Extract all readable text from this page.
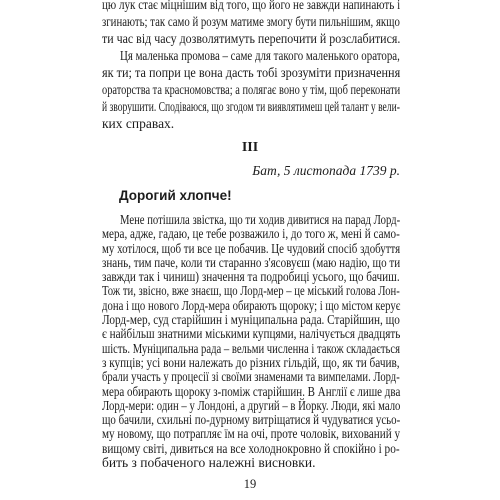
цю лук стає міцнішим від того, що його не завжди напинають і
згинають; так само й розум матиме змогу бути пильнішим, якщо
ти час від часу дозволятимуть перепочити й розслабитися.
Ця маленька промова – саме для такого маленького оратора,
як ти; та попри це вона дасть тобі зрозуміти призначення
ораторства та красномовства; а полягає воно у тім, щоб переконати
й зворушити. Сподіваюся, що згодом ти виявлятимеш цей талант у вели-
ких справах.
III
Бат, 5 листопада 1739 р.
Дорогий хлопче!
Мене потішила звістка, що ти ходив дивитися на парад Лорд-
мера, адже, гадаю, це тебе розважило і, до того ж, мені й само-
му хотілося, щоб ти все це побачив. Це чудовий спосіб здобуття
знань, тим паче, коли ти старанно з'ясовуєш (маю надію, що ти
завжди так і чиниш) значення та подробиці усього, що бачиш.
Тож ти, звісно, вже знаєш, що Лорд-мер – це міський голова Лон-
дона і що нового Лорд-мера обирають щороку; і що містом керує
Лорд-мер, суд старійшин і муніципальна рада. Старійшин, що
є найбільш знатними міськими купцями, налічується двадцять
шість. Муніципальна рада – вельми численна і також складається
з купців; усі вони належать до різних гільдій, що, як ти бачив,
брали участь у процесії зі своїми знаменами та вимпелами. Лорд-
мера обирають щороку з-поміж старійшин. В Англії є лише два
Лорд-мери: один – у Лондоні, а другий – в Йорку. Люди, які мало
що бачили, схильні по-дурному витріщатися й чудуватися усьо-
му новому, що потрапляє їм на очі, проте чоловік, вихований у
вищому світі, дивиться на все холоднокровно й спокійно і ро-
бить з побаченого належні висновки.
19
